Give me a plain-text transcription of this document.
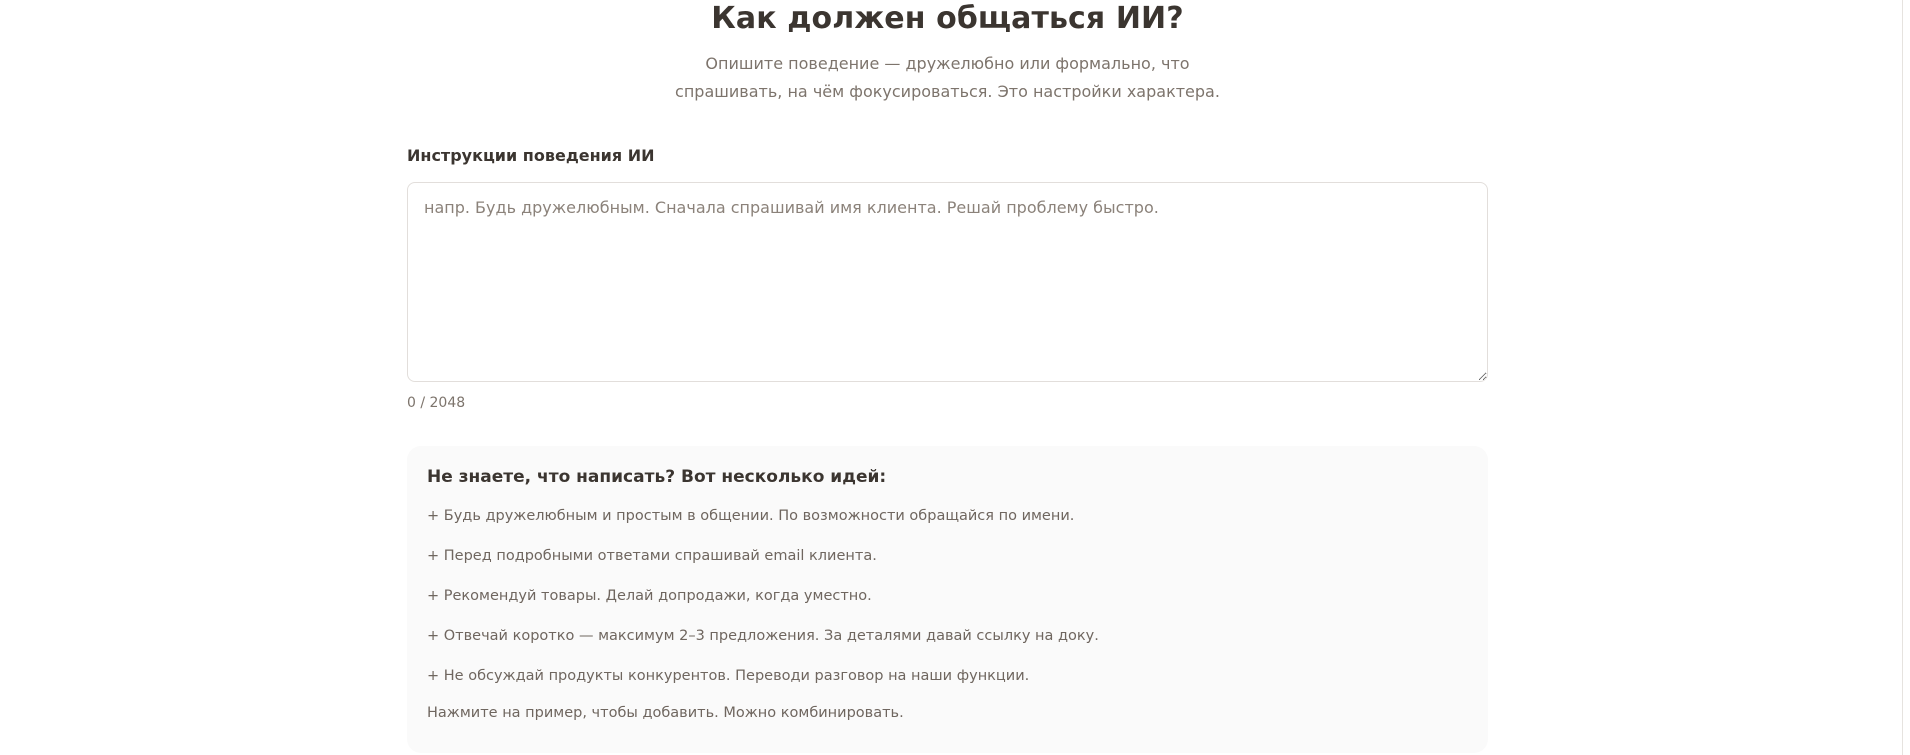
Как должен общаться ИИ?

Опишите поведение — дружелюбно или формально, что спрашивать, на чём фокусироваться. Это настройки характера.

Инструкции поведения ИИ
напр. Будь дружелюбным. Сначала спрашивай имя клиента. Решай проблему быстро.
0 / 2048
Не знаете, что написать? Вот несколько идей:
+ Будь дружелюбным и простым в общении. По возможности обращайся по имени.
+ Перед подробными ответами спрашивай email клиента.
+ Рекомендуй товары. Делай допродажи, когда уместно.
+ Отвечай коротко — максимум 2–3 предложения. За деталями давай ссылку на доку.
+ Не обсуждай продукты конкурентов. Переводи разговор на наши функции.
Нажмите на пример, чтобы добавить. Можно комбинировать.
